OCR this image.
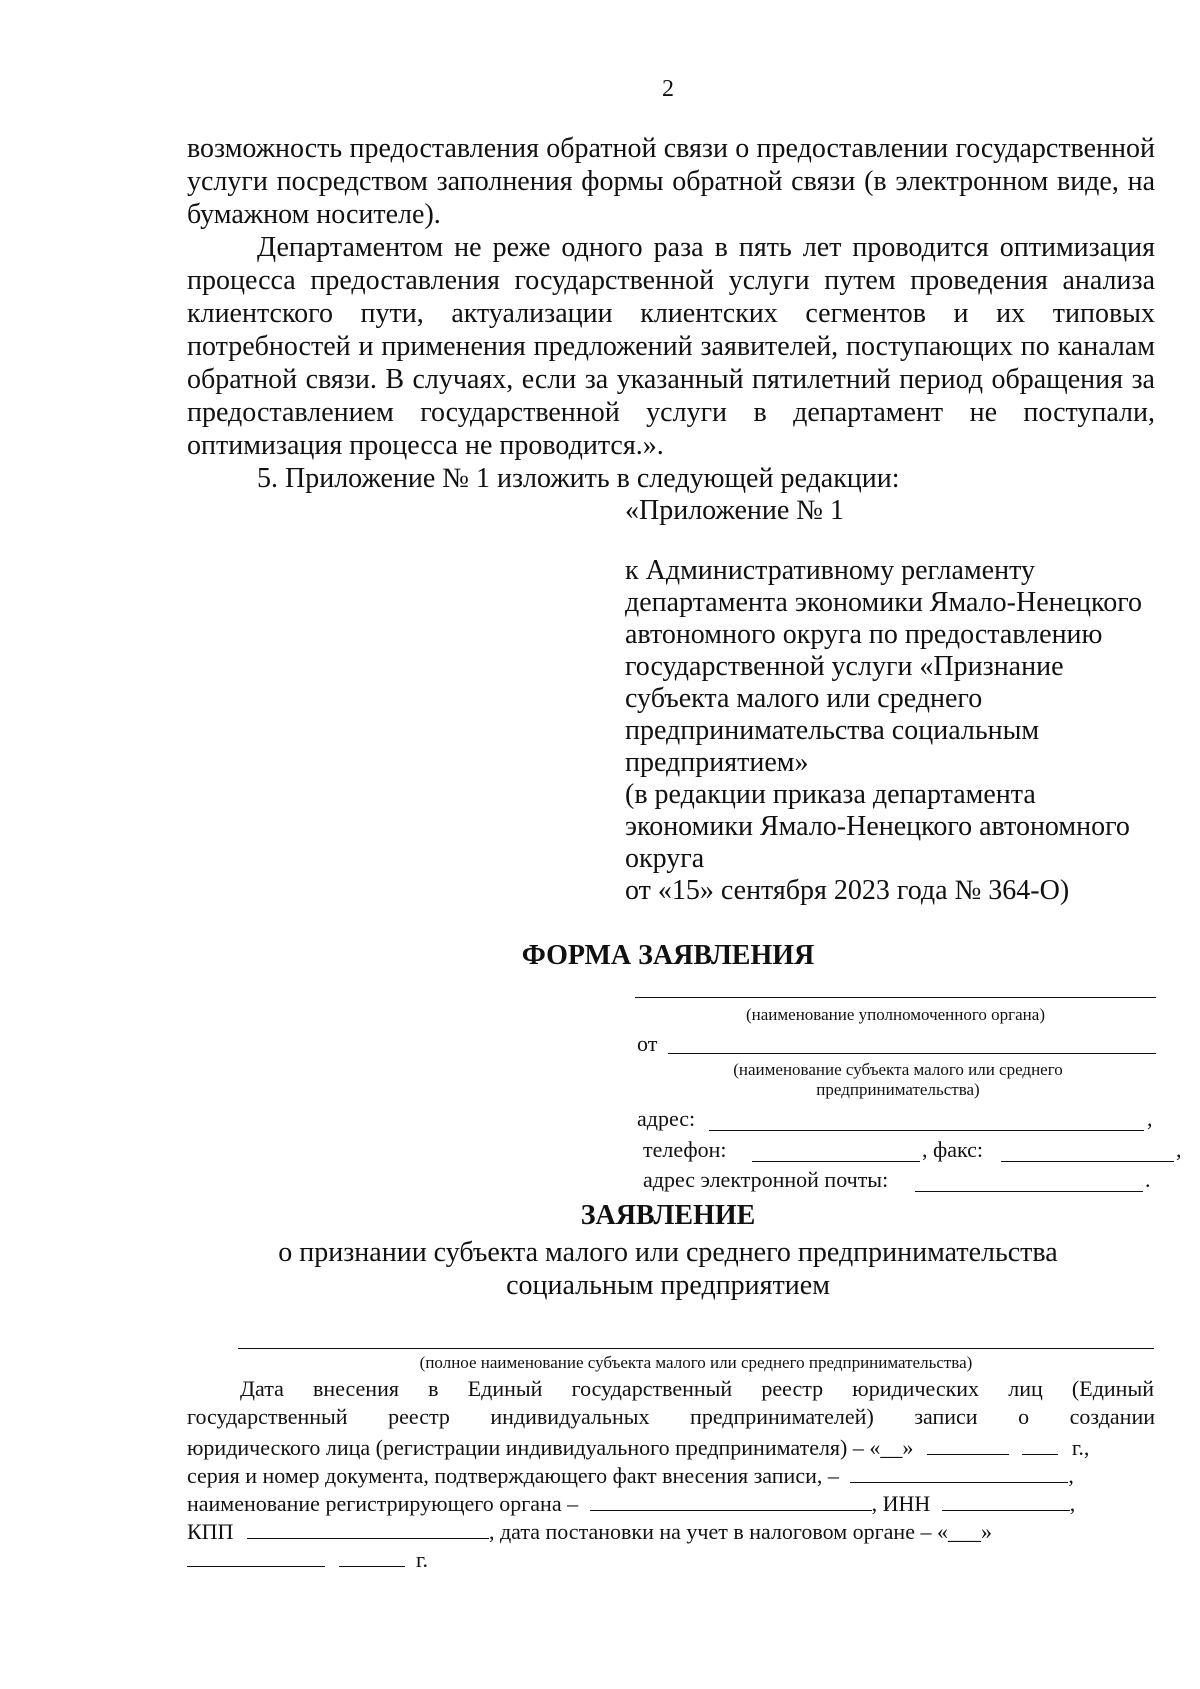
2
возможность предоставления обратной связи о предоставлении государственной
услуги посредством заполнения формы обратной связи (в электронном виде, на
бумажном носителе).
Департаментом не реже одного раза в пять лет проводится оптимизация
процесса предоставления государственной услуги путем проведения анализа
клиентского пути, актуализации клиентских сегментов и их типовых
потребностей и применения предложений заявителей, поступающих по каналам
обратной связи. В случаях, если за указанный пятилетний период обращения за
предоставлением государственной услуги в департамент не поступали,
оптимизация процесса не проводится.».
5. Приложение № 1 изложить в следующей редакции:
«Приложение № 1
к Административному регламенту
департамента экономики Ямало-Ненецкого
автономного округа по предоставлению
государственной услуги «Признание
субъекта малого или среднего
предпринимательства социальным
предприятием»
(в редакции приказа департамента
экономики Ямало-Ненецкого автономного
округа
от «15» сентября 2023 года № 364-О)
ФОРМА ЗАЯВЛЕНИЯ
(наименование уполномоченного органа)
от
(наименование субъекта малого или среднего
предпринимательства)
адрес:	,
телефон:	, факс:	,
адрес электронной почты:	.
ЗАЯВЛЕНИЕ
о признании субъекта малого или среднего предпринимательства
социальным предприятием
(полное наименование субъекта малого или среднего предпринимательства)
Дата внесения в Единый государственный реестр юридических лиц (Единый
государственный реестр индивидуальных предпринимателей) записи о создании
юридического лица (регистрации индивидуального предпринимателя) – «__»	г.,
серия и номер документа, подтверждающего факт внесения записи, –	,
наименование регистрирующего органа –	, ИНН	,
КПП	, дата постановки на учет в налоговом органе – «___»
г.
